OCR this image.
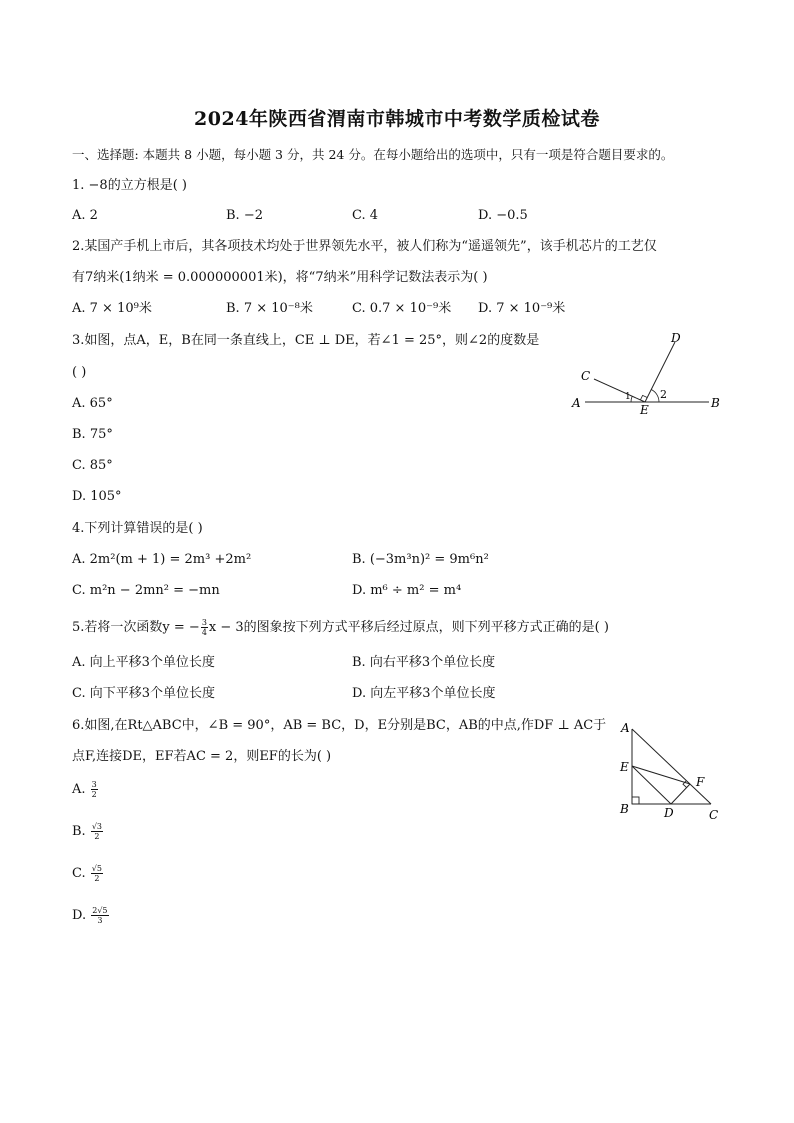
2024年陕西省渭南市韩城市中考数学质检试卷
一、选择题: 本题共 8 小题，每小题 3 分，共 24 分。在每小题给出的选项中，只有一项是符合题目要求的。
1. −8的立方根是( )
A. 2	B. −2	C. 4	D. −0.5
2.某国产手机上市后，其各项技术均处于世界领先水平，被人们称为“遥遥领先”，该手机芯片的工艺仅
有7纳米(1纳米 = 0.000000001米)，将“7纳米”用科学记数法表示为( )
A. 7 × 10⁹米	B. 7 × 10⁻⁸米	C. 0.7 × 10⁻⁹米 D. 7 × 10⁻⁹米
3.如图，点A，E，B在同一条直线上，CE ⊥ DE，若∠1 = 25°，则∠2的度数是
( )
A. 65°
B. 75°
C. 85°
D. 105°
A	B
C
D
E
1	2
4.下列计算错误的是( )
A. 2m²(m + 1) = 2m³ +2m²	B. (−3m³n)² = 9m⁶n²
C. m²n − 2mn² = −mn	D. m⁶ ÷ m² = m⁴
5.若将一次函数y = − $\frac{3}{4}$ x − 3的图象按下列方式平移后经过原点，则下列平移方式正确的是( )
A. 向上平移3个单位长度	B. 向右平移3个单位长度
C. 向下平移3个单位长度	D. 向左平移3个单位长度
6.如图,在Rt△ABC中，∠B = 90°，AB = BC，D，E分别是BC，AB的中点,作DF ⊥ AC于
点F,连接DE，EF若AC = 2，则EF的长为( )
A. $\frac{3}{2}$
B. $\frac{√3}{2}$
C. $\frac{√5}{2}$
D. $\frac{2√5}{3}$
A
E
B	D	C
F
